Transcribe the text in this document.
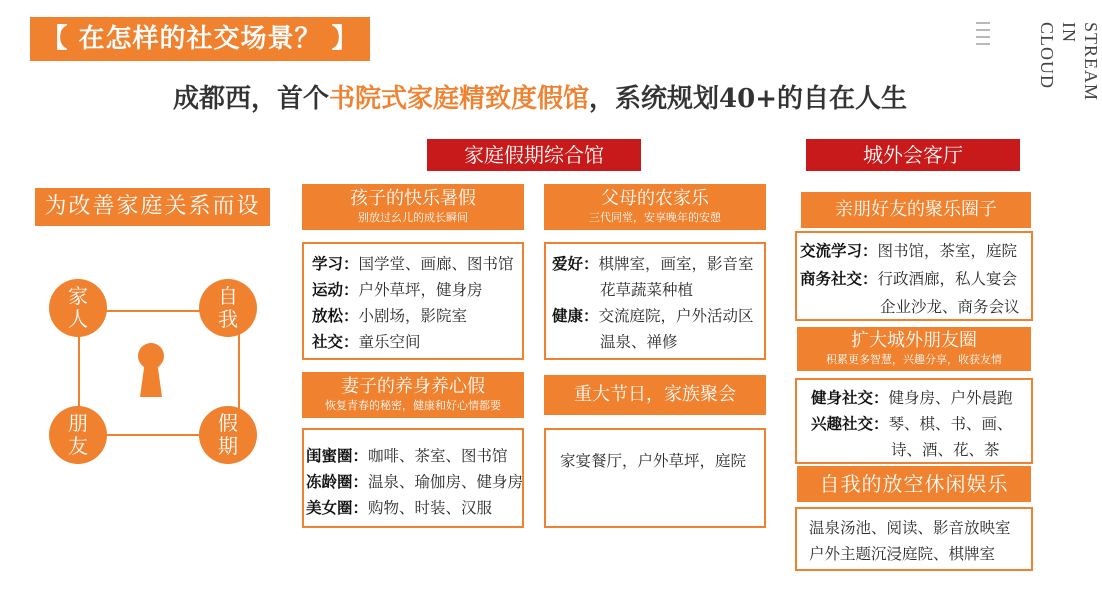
【 在怎样的社交场景？ 】	STREAM IN CLOUD
成都西，首个书院式家庭精致度假馆，系统规划40+的自在人生
为改善家庭关系而设
家
人
自
我
朋
友
假
期
家庭假期综合馆
孩子的快乐暑假
别放过幺儿的成长瞬间
学习：国学堂、画廊、图书馆
运动：户外草坪，健身房
放松：小剧场，影院室
社交：童乐空间
妻子的养身养心假
恢复青春的秘密，健康和好心情都要
闺蜜圈：咖啡、茶室、图书馆
冻龄圈：温泉、瑜伽房、健身房
美女圈：购物、时装、汉服
父母的农家乐
三代同堂，安享晚年的安憩
爱好：棋牌室，画室，影音室
花草蔬菜种植
健康：交流庭院，户外活动区
温泉、禅修
重大节日，家族聚会
家宴餐厅，户外草坪，庭院
城外会客厅
亲朋好友的聚乐圈子
交流学习：图书馆，茶室，庭院
商务社交：行政酒廊，私人宴会
企业沙龙、商务会议
扩大城外朋友圈
积累更多智慧，兴趣分享，收获友情
健身社交：健身房、户外晨跑
兴趣社交：琴、棋、书、画、
诗、酒、花、茶
自我的放空休闲娱乐
温泉汤池、阅读、影音放映室
户外主题沉浸庭院、棋牌室
